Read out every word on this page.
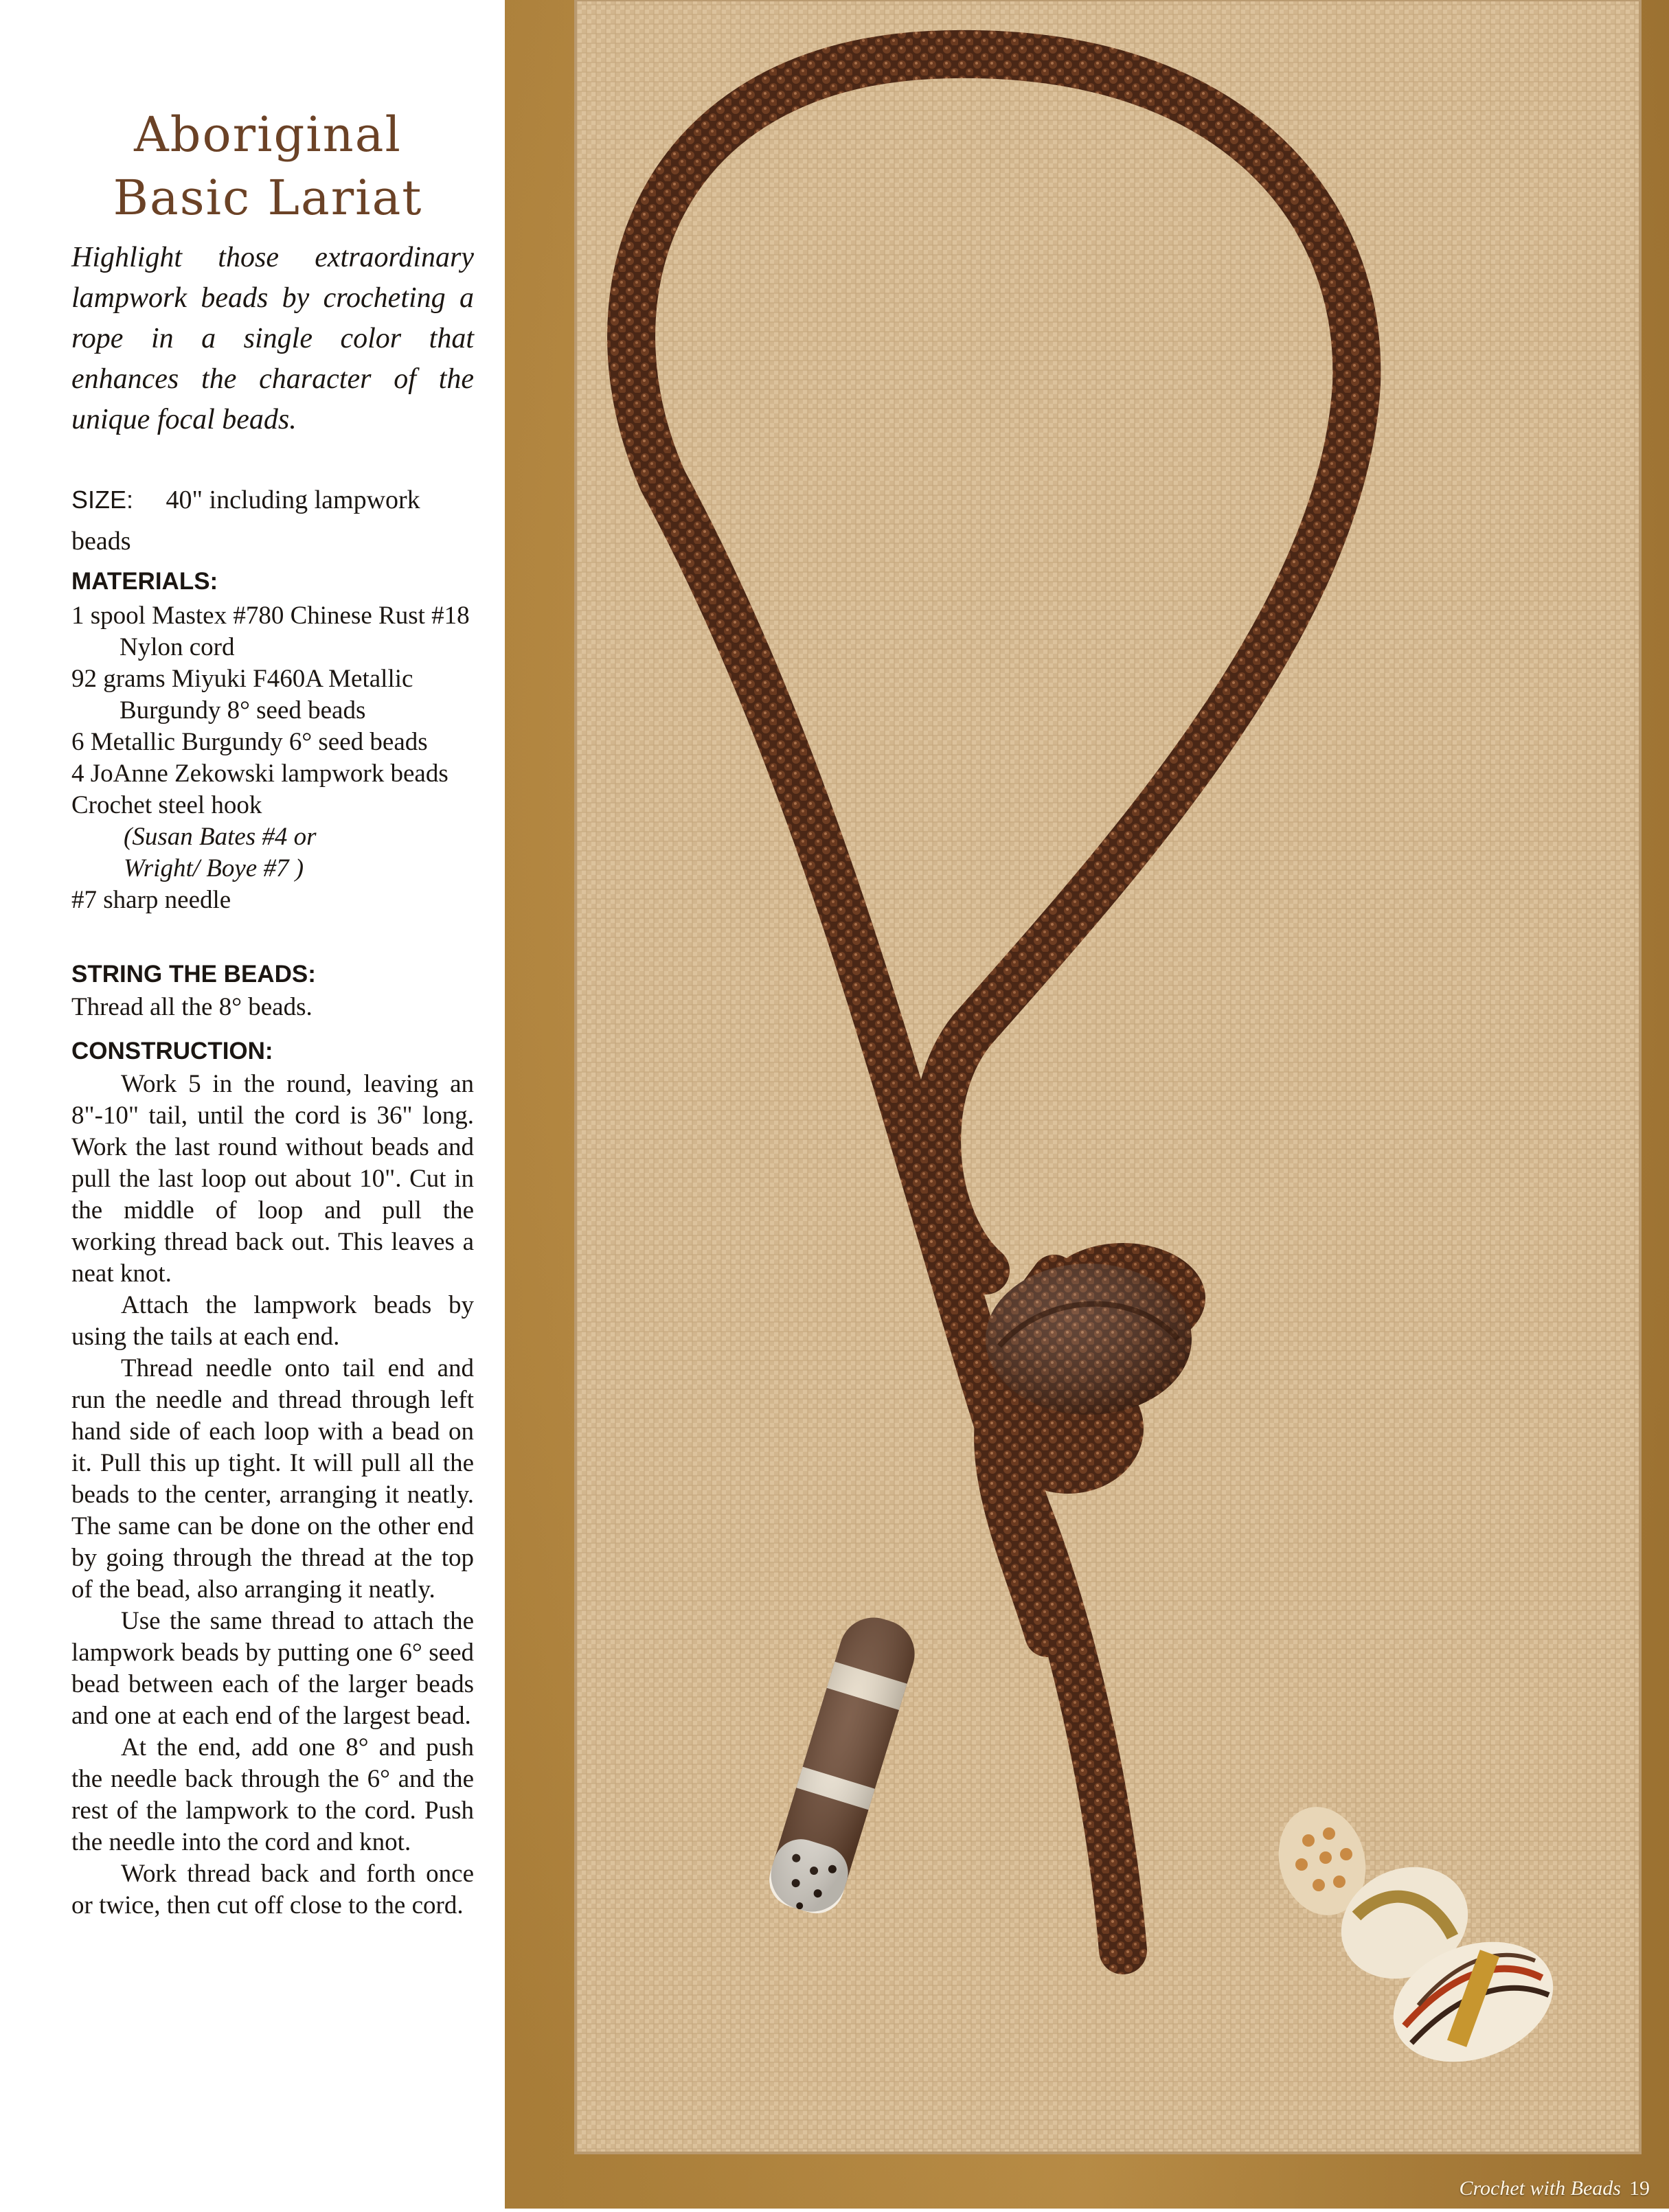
Aboriginal
Basic Lariat

Highlight those extraordinary lampwork beads by crocheting a rope in a single color that enhances the character of the unique focal beads.

SIZE: 40" including lampwork beads

MATERIALS:
1 spool Mastex #780 Chinese Rust #18 Nylon cord
92 grams Miyuki F460A Metallic Burgundy 8° seed beads
6 Metallic Burgundy 6° seed beads
4 JoAnne Zekowski lampwork beads
Crochet steel hook
(Susan Bates #4 or
Wright/ Boye #7 )
#7 sharp needle
STRING THE BEADS:

Thread all the 8° beads.

CONSTRUCTION:

Work 5 in the round, leaving an 8"-10" tail, until the cord is 36" long. Work the last round without beads and pull the last loop out about 10". Cut in the middle of loop and pull the working thread back out. This leaves a neat knot.

Attach the lampwork beads by using the tails at each end.

Thread needle onto tail end and run the needle and thread through left hand side of each loop with a bead on it. Pull this up tight. It will pull all the beads to the center, arranging it neatly. The same can be done on the other end by going through the thread at the top of the bead, also arranging it neatly.

Use the same thread to attach the lampwork beads by putting one 6° seed bead between each of the larger beads and one at each end of the largest bead.

At the end, add one 8° and push the needle back through the 6° and the rest of the lampwork to the cord. Push the needle into the cord and knot.

Work thread back and forth once or twice, then cut off close to the cord.

Crochet with Beads 19
